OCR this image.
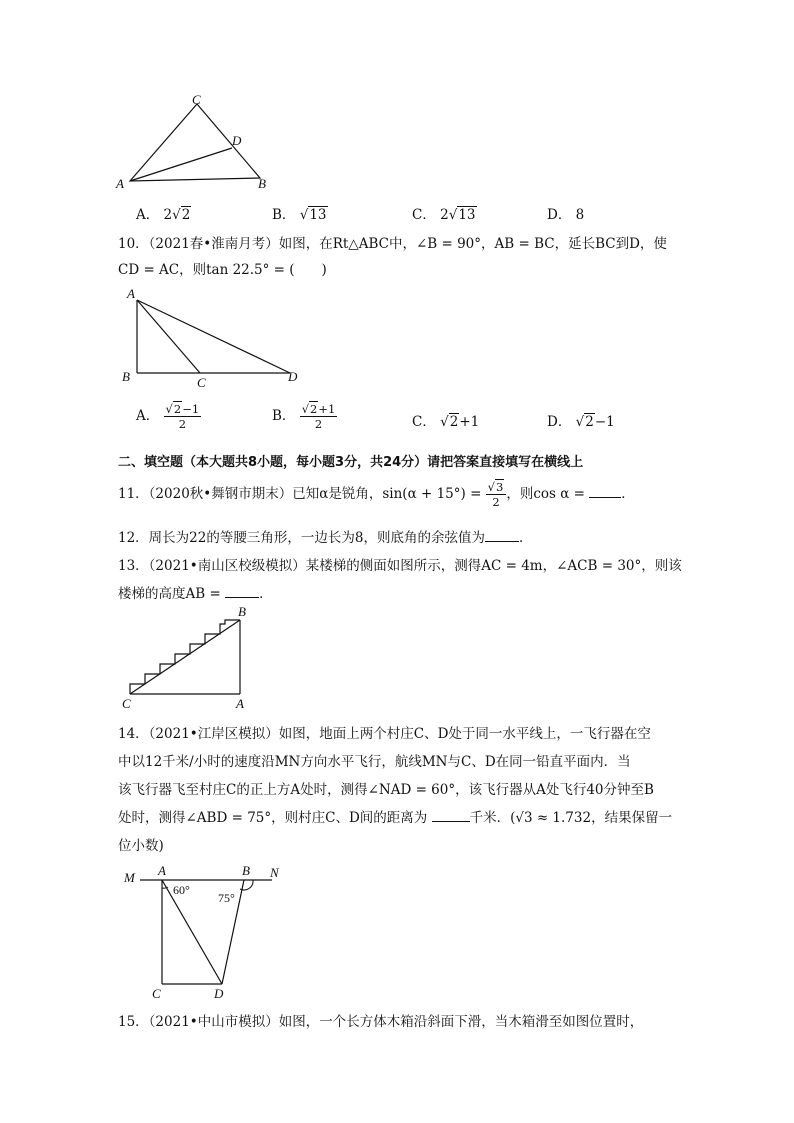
C
D
A	B
A． 2√2	B． √13	C． 2√13	D． 8
10．（2021春•淮南月考）如图，在Rt△ABC中，∠B = 90°，AB = BC，延长BC到D，使
CD = AC，则tan 22.5° = (　　)
A
B	C	D
A． $\frac{√2-1}{2}$	B． $\frac{√2+1}{2}$	C． √2+1	D． √2−1
二、填空题（本大题共8小题，每小题3分，共24分）请把答案直接填写在横线上
11．（2020秋•舞钢市期末）已知α是锐角，$\sin(\alpha + 15^\circ) = \frac{√3}{2}$ ，则cos α = ．
12．周长为22的等腰三角形，一边长为8，则底角的余弦值为	．
13．（2021•南山区校级模拟）某楼梯的侧面如图所示，测得AC = 4m，∠ACB = 30°，则该
楼梯的高度AB =	．
B
C	A
14．（2021•江岸区模拟）如图，地面上两个村庄C、D处于同一水平线上，一飞行器在空
中以12千米/小时的速度沿MN方向水平飞行，航线MN与C、D在同一铅直平面内．当
该飞行器飞至村庄C的正上方A处时，测得∠NAD = 60°，该飞行器从A处飞行40分钟至B
处时，测得∠ABD = 75°，则村庄C、D间的距离为	千米．(√3 ≈ 1.732，结果保留一
位小数)
M A	B N
60°
75°
C	D
15．（2021•中山市模拟）如图，一个长方体木箱沿斜面下滑，当木箱滑至如图位置时，
